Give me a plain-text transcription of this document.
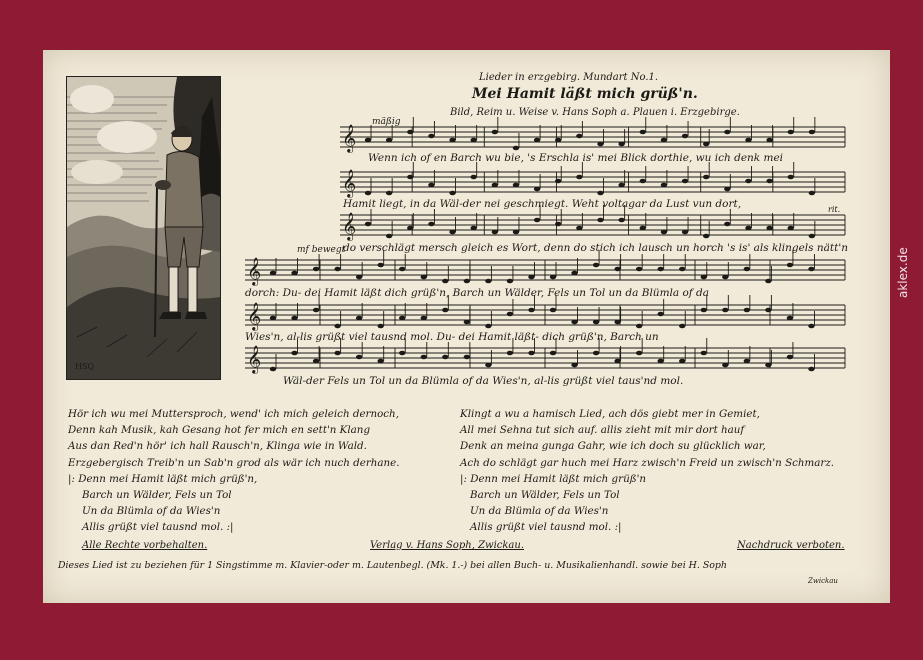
HSQ
Lieder in erzgebirg. Mundart No.1.
Mei Hamit läßt mich grüß'n.
Bild, Reim u. Weise v. Hans Soph a. Plauen i. Erzgebirge.
mäßig
mf bewegt
rit.
𝄞
𝄞
𝄞
𝄞
𝄞
𝄞
Wenn ich of en Barch wu bie, 's Erschla is' mei Blick dorthie, wu ich denk mei
Hamit liegt, in da Wäl-der nei geschmiegt. Weht voltagar da Lust vun dort,
do verschlägt mersch gleich es Wort, denn do stich ich lausch un horch 's is' als klingels nätt'n
dorch: Du- dei Hamit läßt dich grüß'n, Barch un Wälder, Fels un Tol un da Blümla of da
Wies'n, al-lis grüßt viel tausnd mol. Du- dei Hamit läßt- dich grüß'n, Barch un
Wäl-der Fels un Tol un da Blümla of da Wies'n, al-lis grüßt viel taus'nd mol.
Hör ich wu mei Muttersproch, wend' ich mich geleich dernoch,
Denn kah Musik, kah Gesang hot fer mich en sett'n Klang
Aus dan Red'n hör' ich hall Rausch'n, Klinga wie in Wald.
Erzgebergisch Treib'n un Sab'n grod als wär ich nuch derhane.
|: Denn mei Hamit läßt mich grüß'n,
Barch un Wälder, Fels un Tol
Un da Blümla of da Wies'n
Allis grüßt viel tausnd mol. :|
Klingt a wu a hamisch Lied, ach dös giebt mer in Gemiet,
All mei Sehna tut sich auf. allis zieht mit mir dort hauf
Denk an meina gunga Gahr, wie ich doch su glücklich war,
Ach do schlägt gar huch mei Harz zwisch'n Freid un zwisch'n Schmarz.
|: Denn mei Hamit läßt mich grüß'n
Barch un Wälder, Fels un Tol
Un da Blümla of da Wies'n
Allis grüßt viel tausnd mol. :|
Alle Rechte vorbehalten.	Verlag v. Hans Soph, Zwickau.	Nachdruck verboten.
Dieses Lied ist zu beziehen für 1 Singstimme m. Klavier-oder m. Lautenbegl. (Mk. 1.-) bei allen Buch- u. Musikalienhandl. sowie bei H. Soph
Zwickau
aklex.de
